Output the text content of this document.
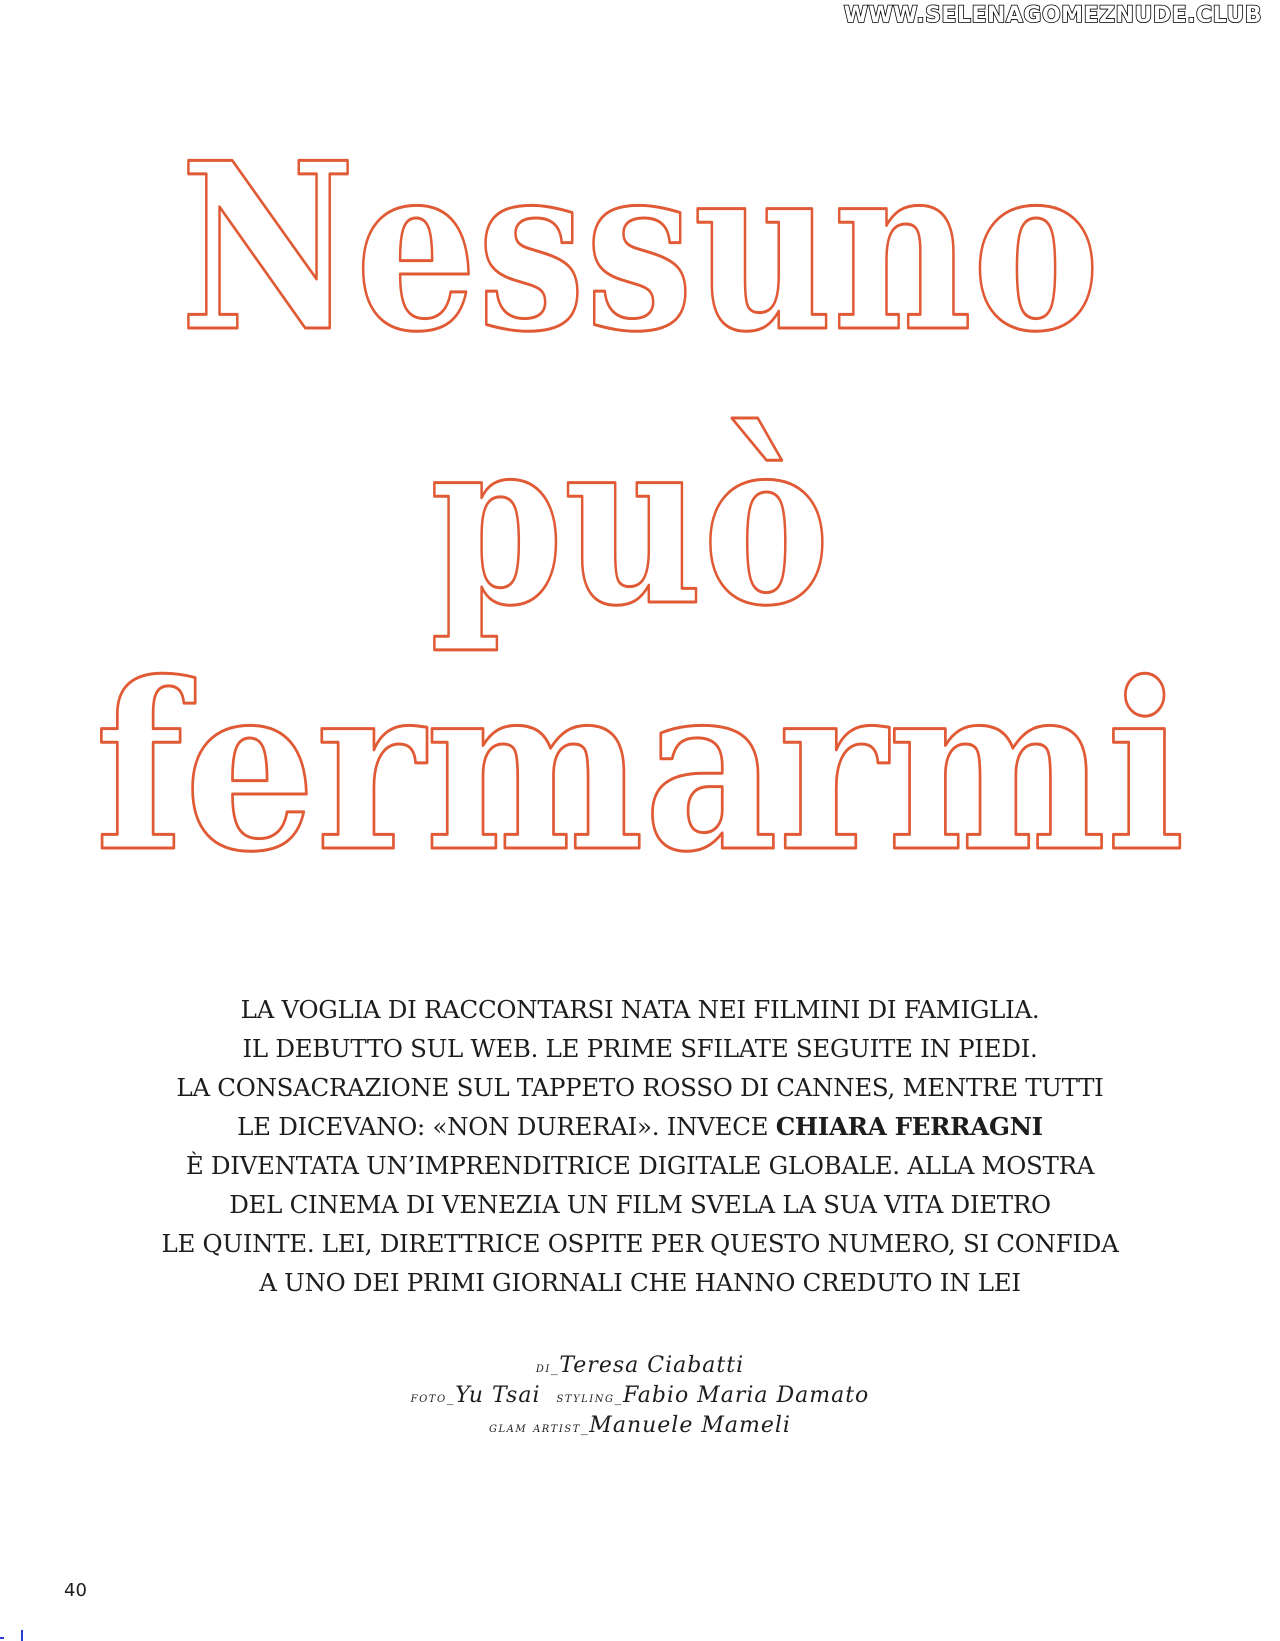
WWW.SELENAGOMEZNUDE.CLUB
Nessuno
può
fermarmi
LA VOGLIA DI RACCONTARSI NATA NEI FILMINI DI FAMIGLIA.
IL DEBUTTO SUL WEB. LE PRIME SFILATE SEGUITE IN PIEDI.
LA CONSACRAZIONE SUL TAPPETO ROSSO DI CANNES, MENTRE TUTTI
LE DICEVANO: «NON DURERAI». INVECE CHIARA FERRAGNI
È DIVENTATA UN’IMPRENDITRICE DIGITALE GLOBALE. ALLA MOSTRA
DEL CINEMA DI VENEZIA UN FILM SVELA LA SUA VITA DIETRO
LE QUINTE. LEI, DIRETTRICE OSPITE PER QUESTO NUMERO, SI CONFIDA
A UNO DEI PRIMI GIORNALI CHE HANNO CREDUTO IN LEI
di_Teresa Ciabatti
foto_Yu Tsai styling_Fabio Maria Damato
glam artist_Manuele Mameli
40
